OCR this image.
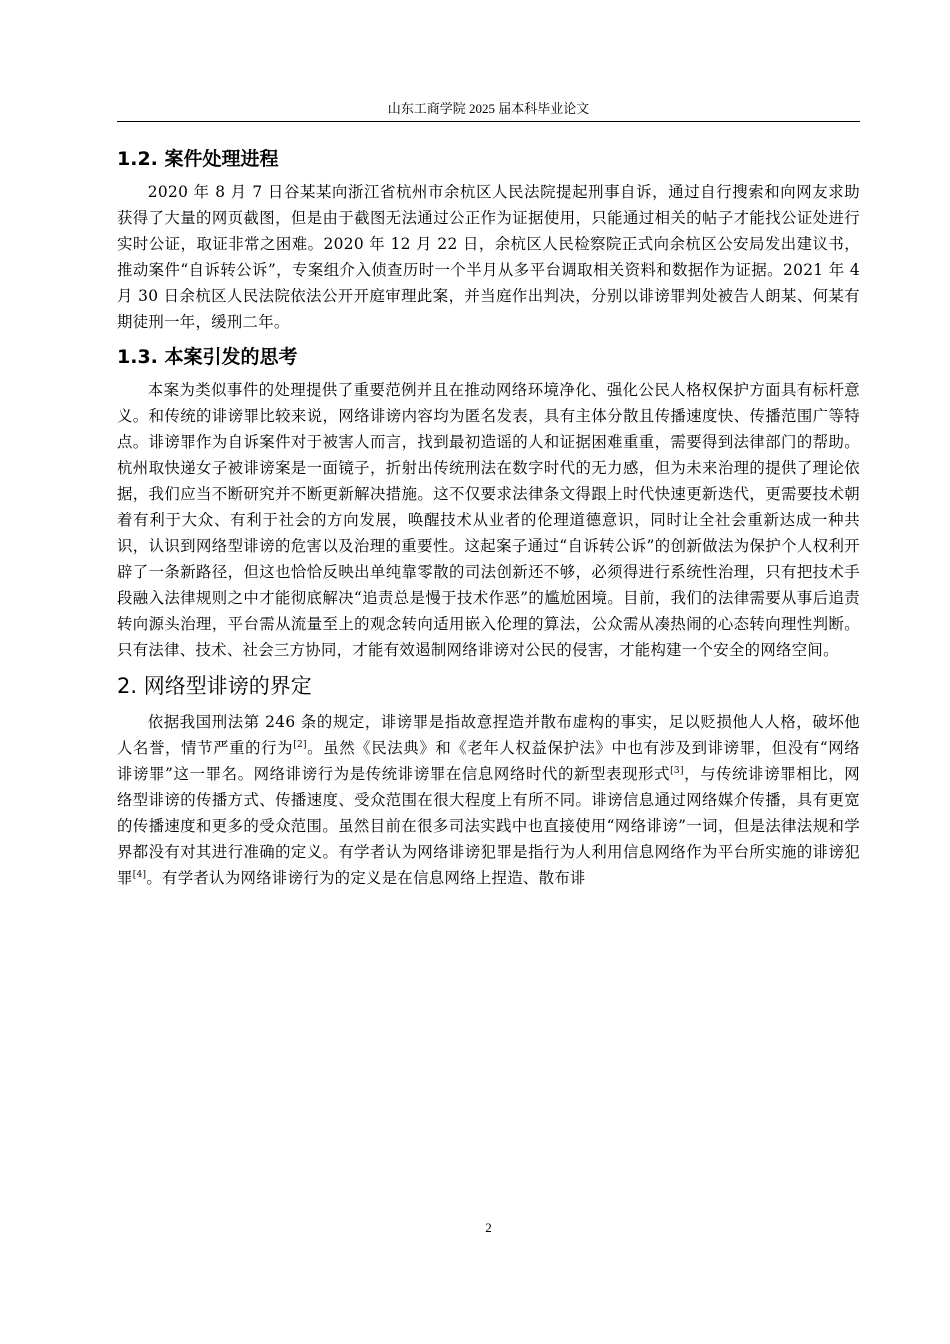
山东工商学院 2025 届本科毕业论文
1.2. 案件处理进程

2020 年 8 月 7 日谷某某向浙江省杭州市余杭区人民法院提起刑事自诉，通过自行搜索和向网友求助获得了大量的网页截图，但是由于截图无法通过公正作为证据使用，只能通过相关的帖子才能找公证处进行实时公证，取证非常之困难。2020 年 12 月 22 日，余杭区人民检察院正式向余杭区公安局发出建议书，推动案件“自诉转公诉”，专案组介入侦查历时一个半月从多平台调取相关资料和数据作为证据。2021 年 4 月 30 日余杭区人民法院依法公开开庭审理此案，并当庭作出判决，分别以诽谤罪判处被告人朗某、何某有期徒刑一年，缓刑二年。

1.3. 本案引发的思考

本案为类似事件的处理提供了重要范例并且在推动网络环境净化、强化公民人格权保护方面具有标杆意义。和传统的诽谤罪比较来说，网络诽谤内容均为匿名发表，具有主体分散且传播速度快、传播范围广等特点。诽谤罪作为自诉案件对于被害人而言，找到最初造谣的人和证据困难重重，需要得到法律部门的帮助。杭州取快递女子被诽谤案是一面镜子，折射出传统刑法在数字时代的无力感，但为未来治理的提供了理论依据，我们应当不断研究并不断更新解决措施。这不仅要求法律条文得跟上时代快速更新迭代，更需要技术朝着有利于大众、有利于社会的方向发展，唤醒技术从业者的伦理道德意识，同时让全社会重新达成一种共识，认识到网络型诽谤的危害以及治理的重要性。这起案子通过“自诉转公诉”的创新做法为保护个人权利开辟了一条新路径，但这也恰恰反映出单纯靠零散的司法创新还不够，必须得进行系统性治理，只有把技术手段融入法律规则之中才能彻底解决“追责总是慢于技术作恶”的尴尬困境。目前，我们的法律需要从事后追责转向源头治理，平台需从流量至上的观念转向适用嵌入伦理的算法，公众需从凑热闹的心态转向理性判断。只有法律、技术、社会三方协同，才能有效遏制网络诽谤对公民的侵害，才能构建一个安全的网络空间。

2. 网络型诽谤的界定

依据我国刑法第 246 条的规定，诽谤罪是指故意捏造并散布虚构的事实，足以贬损他人人格，破坏他人名誉，情节严重的行为[2]。虽然《民法典》和《老年人权益保护法》中也有涉及到诽谤罪，但没有“网络诽谤罪”这一罪名。网络诽谤行为是传统诽谤罪在信息网络时代的新型表现形式[3]，与传统诽谤罪相比，网络型诽谤的传播方式、传播速度、受众范围在很大程度上有所不同。诽谤信息通过网络媒介传播，具有更宽的传播速度和更多的受众范围。虽然目前在很多司法实践中也直接使用“网络诽谤”一词，但是法律法规和学界都没有对其进行准确的定义。有学者认为网络诽谤犯罪是指行为人利用信息网络作为平台所实施的诽谤犯罪[4]。有学者认为网络诽谤行为的定义是在信息网络上捏造、散布诽

2
